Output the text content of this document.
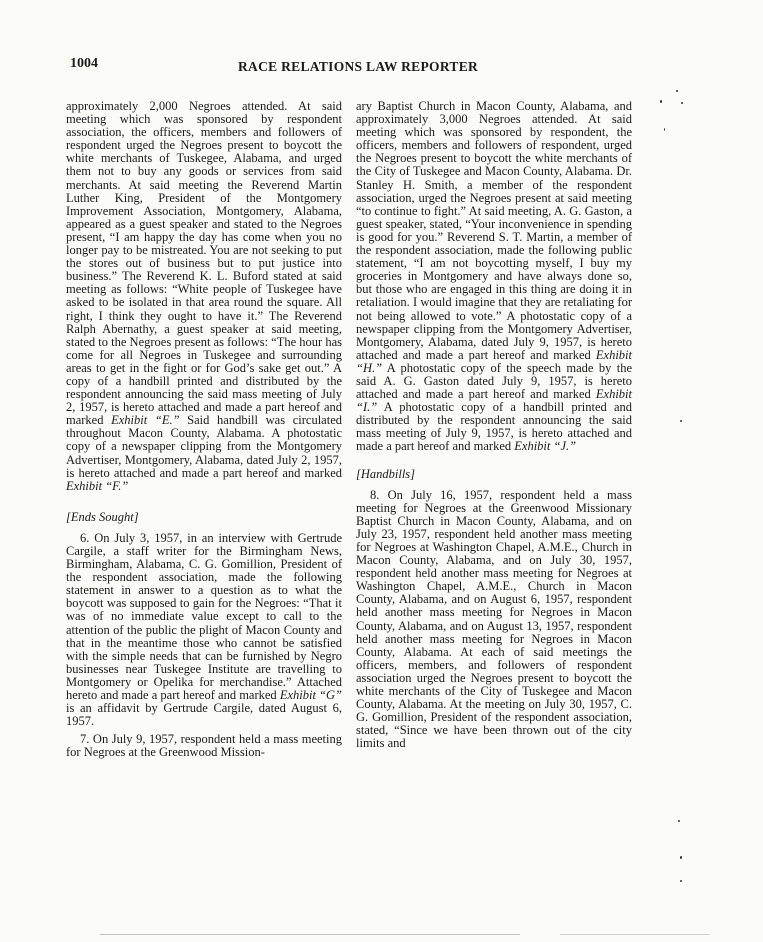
1004	RACE RELATIONS LAW REPORTER

approximately 2,000 Negroes attended. At said meeting which was sponsored by respondent association, the officers, members and followers of respondent urged the Negroes present to boycott the white merchants of Tuskegee, Alabama, and urged them not to buy any goods or services from said merchants. At said meeting the Reverend Martin Luther King, President of the Montgomery Improvement Association, Montgomery, Alabama, appeared as a guest speaker and stated to the Negroes present, “I am happy the day has come when you no longer pay to be mistreated. You are not seeking to put the stores out of business but to put justice into business.” The Reverend K. L. Buford stated at said meeting as follows: “White people of Tuskegee have asked to be isolated in that area round the square. All right, I think they ought to have it.” The Reverend Ralph Abernathy, a guest speaker at said meeting, stated to the Negroes present as follows: “The hour has come for all Negroes in Tuskegee and surrounding areas to get in the fight or for God’s sake get out.” A copy of a handbill printed and distributed by the respondent announcing the said mass meeting of July 2, 1957, is hereto attached and made a part hereof and marked Exhibit “E.” Said handbill was circulated throughout Macon County, Alabama. A photostatic copy of a newspaper clipping from the Montgomery Advertiser, Montgomery, Alabama, dated July 2, 1957, is hereto attached and made a part hereof and marked Exhibit “F.”

[Ends Sought]

6. On July 3, 1957, in an interview with Gertrude Cargile, a staff writer for the Birmingham News, Birmingham, Alabama, C. G. Gomillion, President of the respondent association, made the following statement in answer to a question as to what the boycott was supposed to gain for the Negroes: “That it was of no immediate value except to call to the attention of the public the plight of Macon County and that in the meantime those who cannot be satisfied with the simple needs that can be furnished by Negro businesses near Tuskegee Institute are travelling to Montgomery or Opelika for merchandise.” Attached hereto and made a part hereof and marked Exhibit “G” is an affidavit by Gertrude Cargile, dated August 6, 1957.

7. On July 9, 1957, respondent held a mass meeting for Negroes at the Greenwood Mission-

ary Baptist Church in Macon County, Alabama, and approximately 3,000 Negroes attended. At said meeting which was sponsored by respondent, the officers, members and followers of respondent, urged the Negroes present to boycott the white merchants of the City of Tuskegee and Macon County, Alabama. Dr. Stanley H. Smith, a member of the respondent association, urged the Negroes present at said meeting “to continue to fight.” At said meeting, A. G. Gaston, a guest speaker, stated, “Your inconvenience in spending is good for you.” Reverend S. T. Martin, a member of the respondent association, made the following public statement, “I am not boycotting myself, I buy my groceries in Montgomery and have always done so, but those who are engaged in this thing are doing it in retaliation. I would imagine that they are retaliating for not being allowed to vote.” A photostatic copy of a newspaper clipping from the Montgomery Advertiser, Montgomery, Alabama, dated July 9, 1957, is hereto attached and made a part hereof and marked Exhibit “H.” A photostatic copy of the speech made by the said A. G. Gaston dated July 9, 1957, is hereto attached and made a part hereof and marked Exhibit “I.” A photostatic copy of a handbill printed and distributed by the respondent announcing the said mass meeting of July 9, 1957, is hereto attached and made a part hereof and marked Exhibit “J.”

[Handbills]

8. On July 16, 1957, respondent held a mass meeting for Negroes at the Greenwood Missionary Baptist Church in Macon County, Alabama, and on July 23, 1957, respondent held another mass meeting for Negroes at Washington Chapel, A.M.E., Church in Macon County, Alabama, and on July 30, 1957, respondent held another mass meeting for Negroes at Washington Chapel, A.M.E., Church in Macon County, Alabama, and on August 6, 1957, respondent held another mass meeting for Negroes in Macon County, Alabama, and on August 13, 1957, respondent held another mass meeting for Negroes in Macon County, Alabama. At each of said meetings the officers, members, and followers of respondent association urged the Negroes present to boycott the white merchants of the City of Tuskegee and Macon County, Alabama. At the meeting on July 30, 1957, C. G. Gomillion, President of the respondent association, stated, “Since we have been thrown out of the city limits and
